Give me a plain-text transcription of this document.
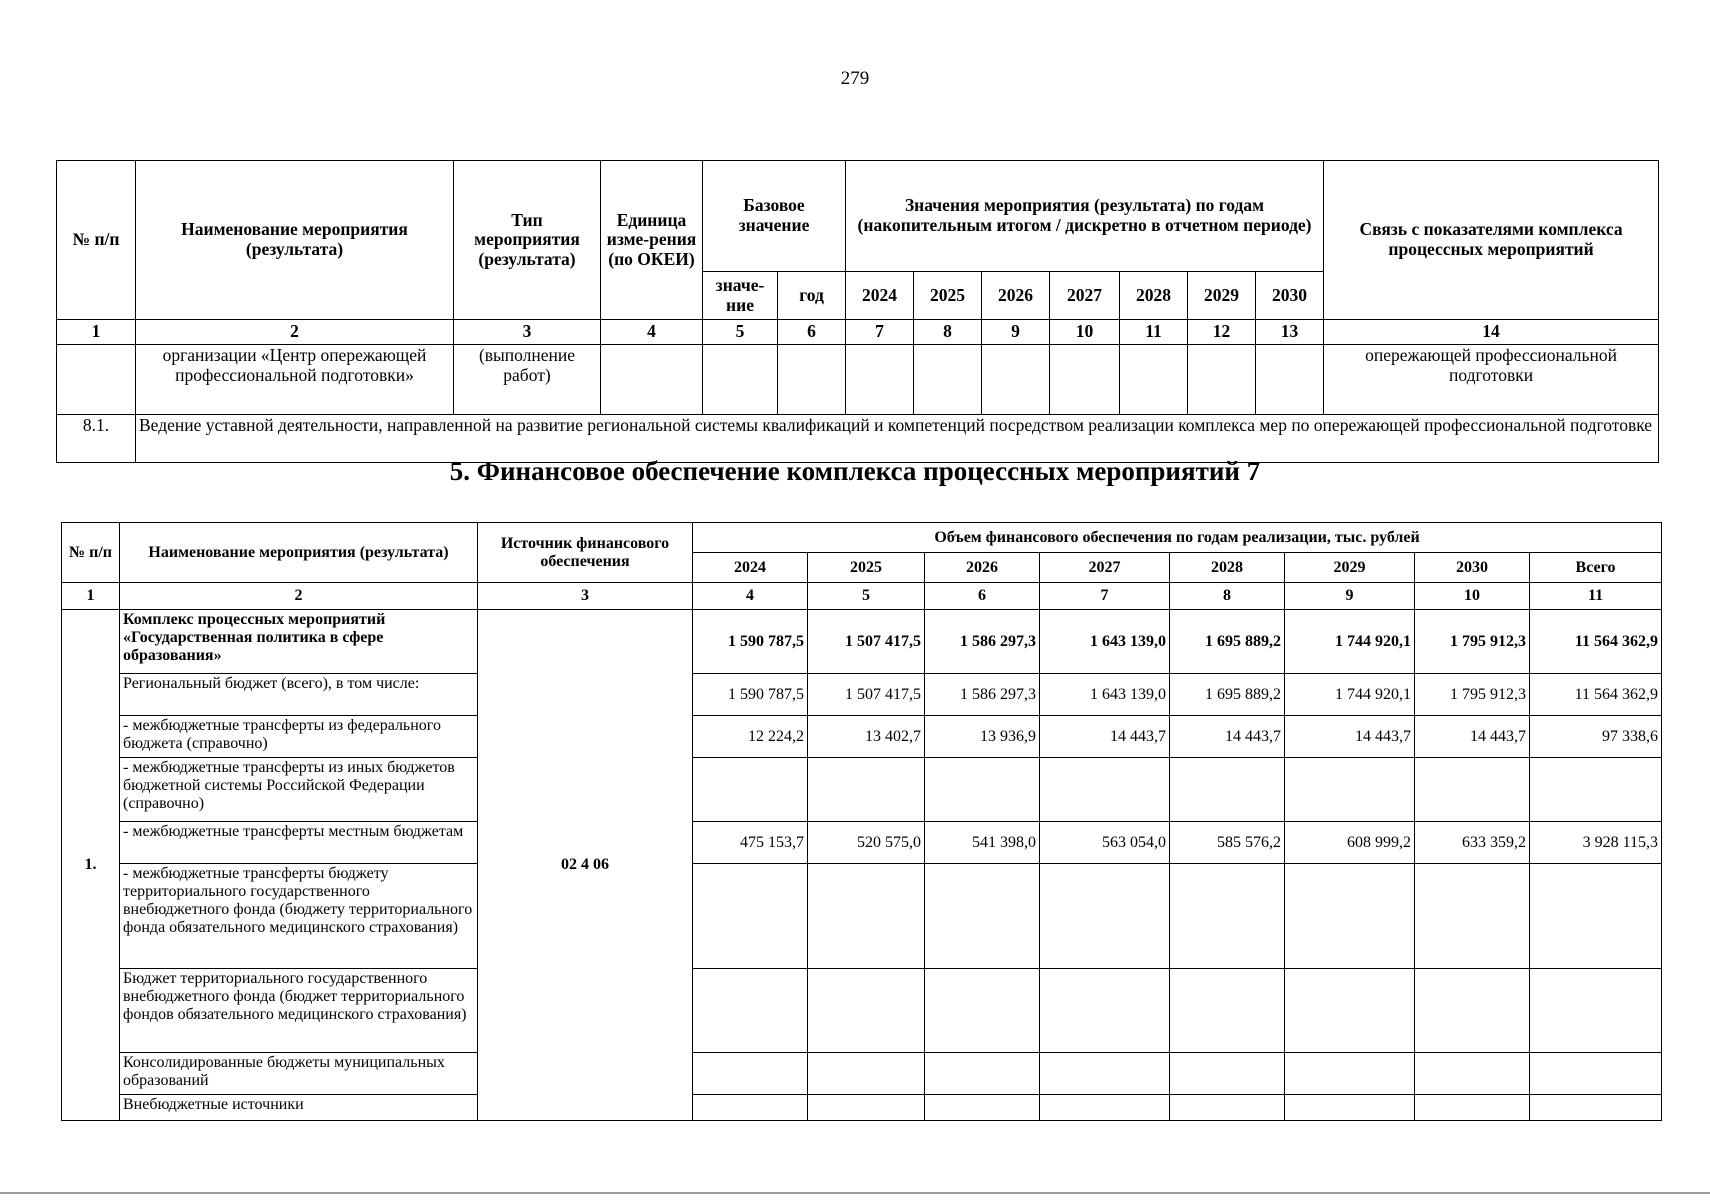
279
№ п/п	Наименование мероприятия (результата)	Тип мероприятия (результата)	Единица изме-рения (по ОКЕИ)	Базовое значение		Значения мероприятия (результата) по годам (накопительным итогом / дискретно в отчетном периоде)							Связь с показателями комплекса процессных мероприятий
				значе-ние	год	2024	2025	2026	2027	2028	2029	2030	
1	2	3	4	5	6	7	8	9	10	11	12	13	14
	организации «Центр опережающей профессиональной подготовки»	(выполнение работ)											опережающей профессиональной подготовки
8.1.	Ведение уставной деятельности, направленной на развитие региональной системы квалификаций и компетенций посредством реализации комплекса мер по опережающей профессиональной подготовке												
5. Финансовое обеспечение комплекса процессных мероприятий 7
№ п/п	Наименование мероприятия (результата)	Источник финансового обеспечения	Объем финансового обеспечения по годам реализации, тыс. рублей							
			2024	2025	2026	2027	2028	2029	2030	Всего
1	2	3	4	5	6	7	8	9	10	11
1.	Комплекс процессных мероприятий «Государственная политика в сфере образования»	02 4 06	1 590 787,5	1 507 417,5	1 586 297,3	1 643 139,0	1 695 889,2	1 744 920,1	1 795 912,3	11 564 362,9
	Региональный бюджет (всего), в том числе:		1 590 787,5	1 507 417,5	1 586 297,3	1 643 139,0	1 695 889,2	1 744 920,1	1 795 912,3	11 564 362,9
	- межбюджетные трансферты из федерального бюджета (справочно)		12 224,2	13 402,7	13 936,9	14 443,7	14 443,7	14 443,7	14 443,7	97 338,6
	- межбюджетные трансферты из иных бюджетов бюджетной системы Российской Федерации (справочно)									
	- межбюджетные трансферты местным бюджетам		475 153,7	520 575,0	541 398,0	563 054,0	585 576,2	608 999,2	633 359,2	3 928 115,3
	- межбюджетные трансферты бюджету территориального государственного внебюджетного фонда (бюджету территориального фонда обязательного медицинского страхования)									
	Бюджет территориального государственного внебюджетного фонда (бюджет территориального фондов обязательного медицинского страхования)									
	Консолидированные бюджеты муниципальных образований									
	Внебюджетные источники									
